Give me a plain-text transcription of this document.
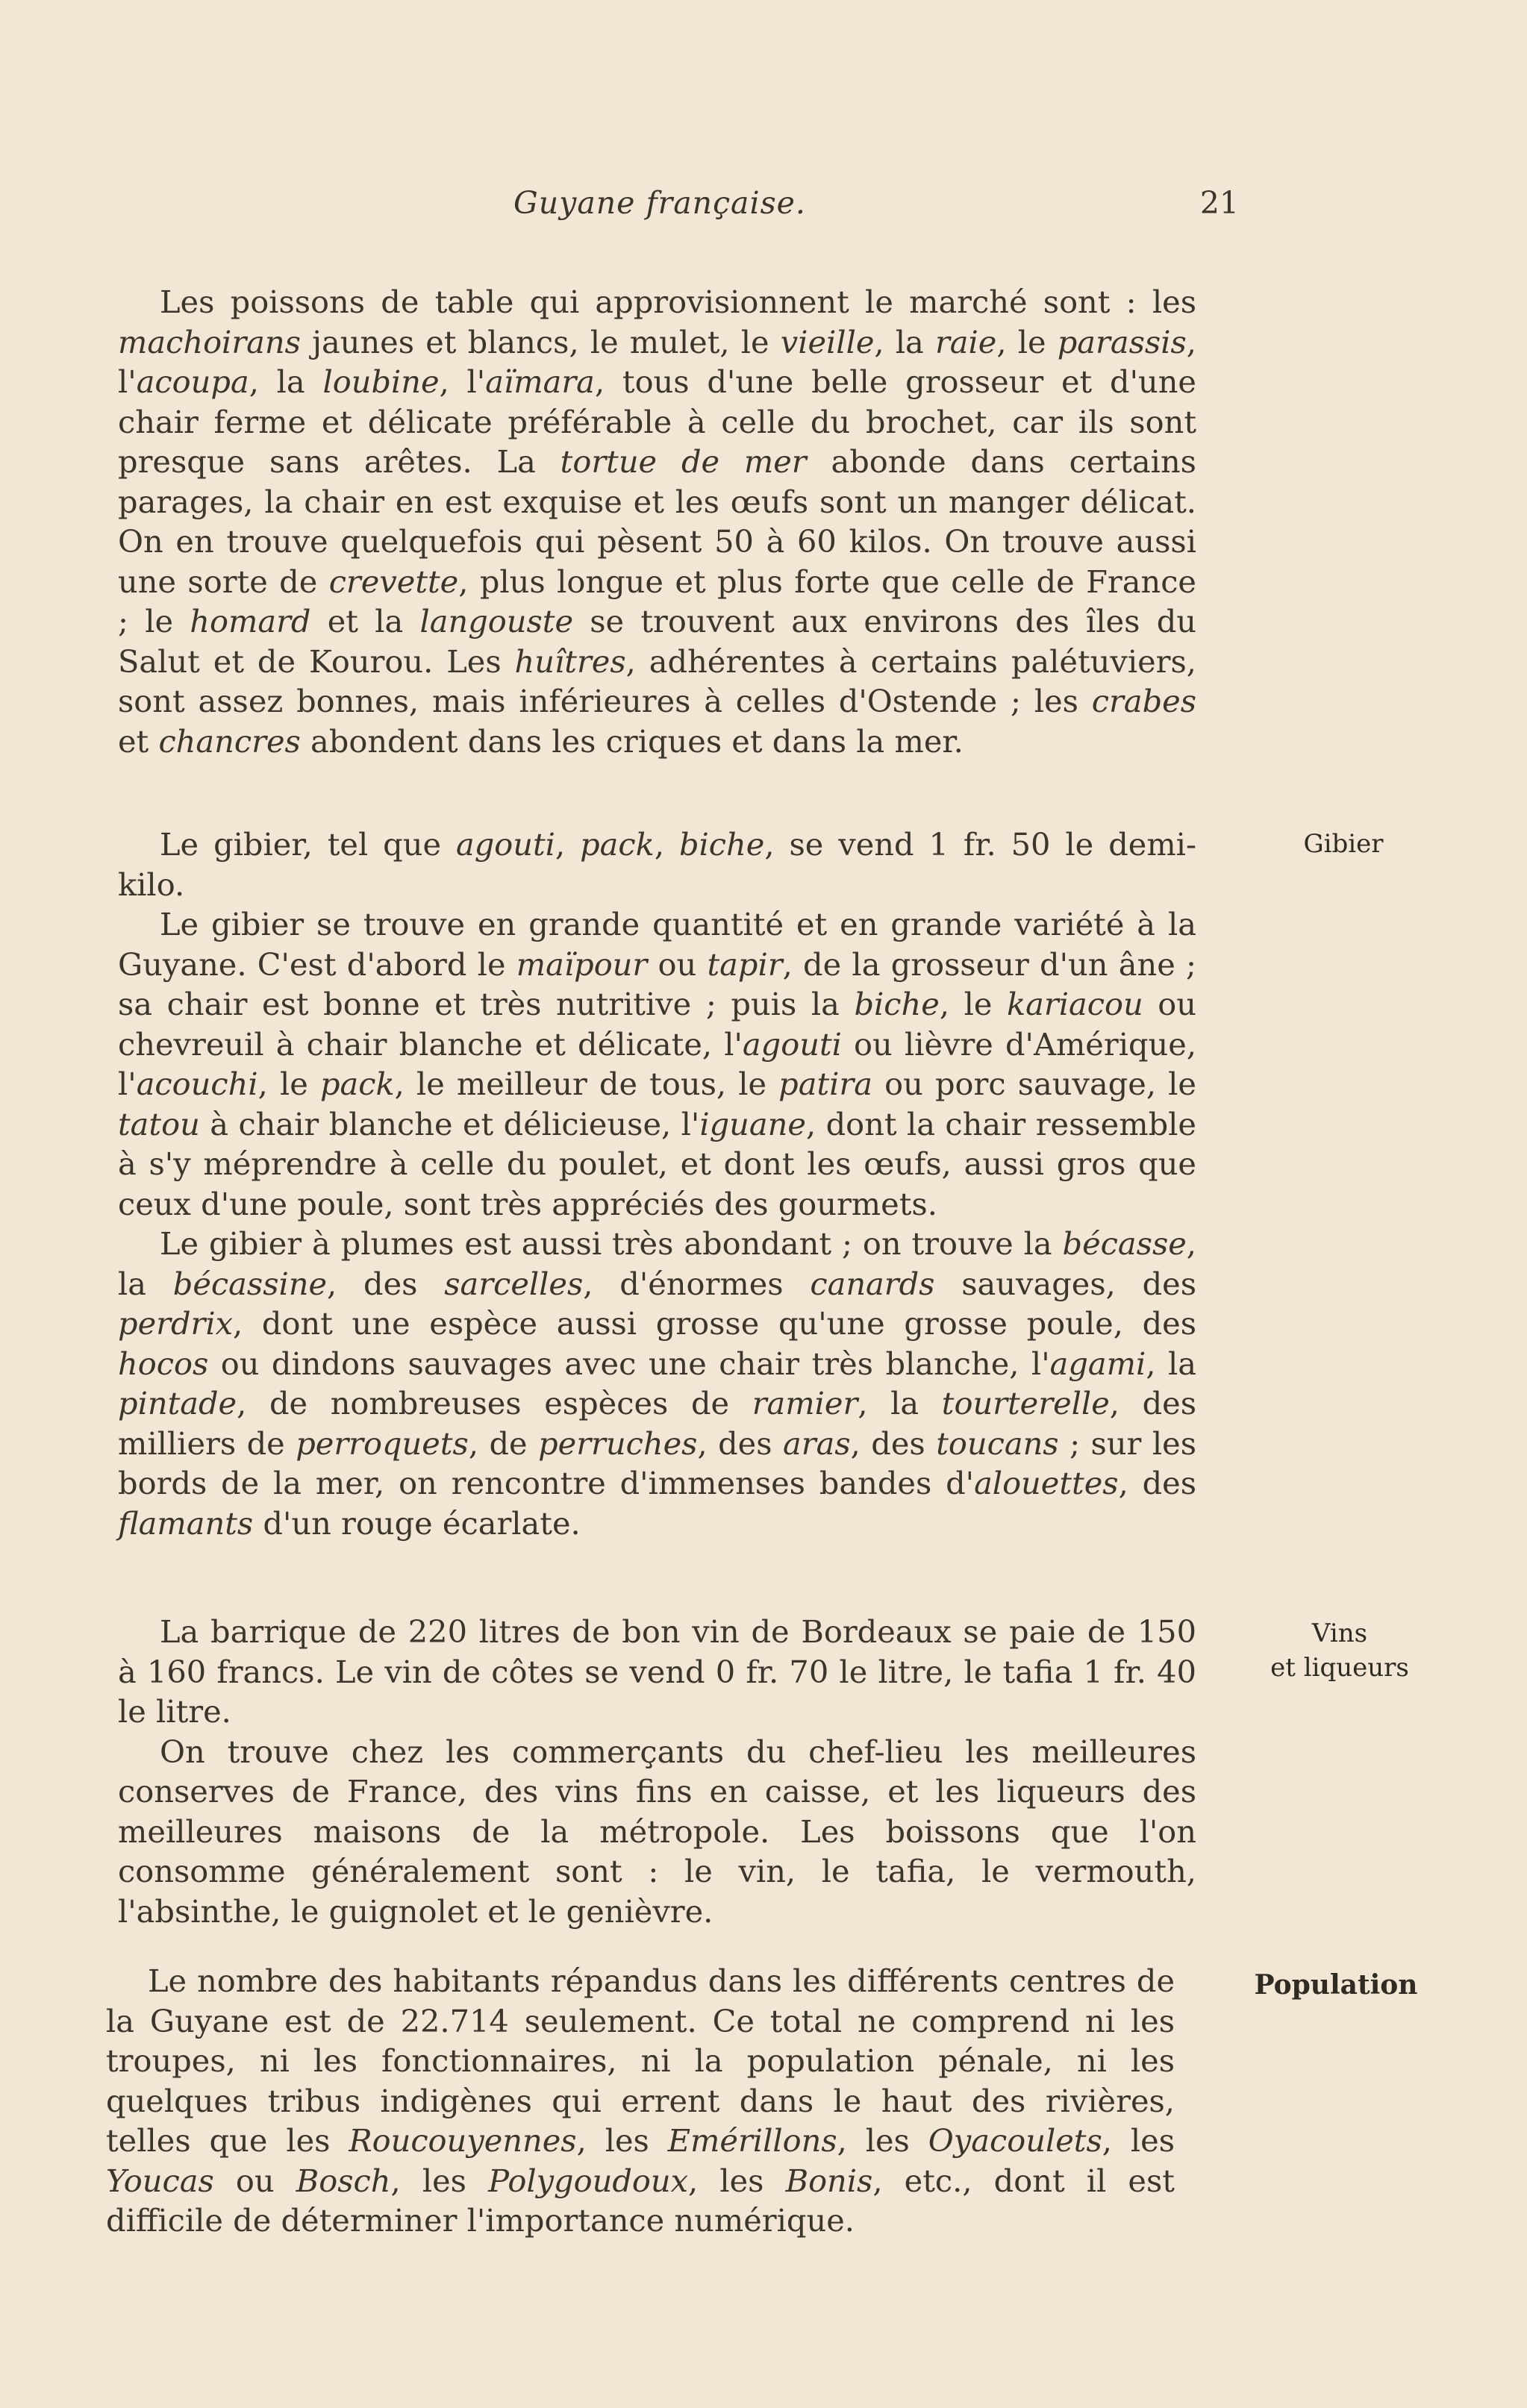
Guyane française.	21

Les poissons de table qui approvisionnent le marché sont : les machoirans jaunes et blancs, le mulet, le vieille, la raie, le parassis, l'acoupa, la loubine, l'aïmara, tous d'une belle grosseur et d'une chair ferme et délicate préférable à celle du brochet, car ils sont presque sans arêtes. La tortue de mer abonde dans certains parages, la chair en est exquise et les œufs sont un manger délicat. On en trouve quelquefois qui pèsent 50 à 60 kilos. On trouve aussi une sorte de crevette, plus longue et plus forte que celle de France ; le homard et la langouste se trouvent aux environs des îles du Salut et de Kourou. Les huîtres, adhérentes à certains palétuviers, sont assez bonnes, mais inférieures à celles d'Ostende ; les crabes et chancres abondent dans les criques et dans la mer.

Le gibier, tel que agouti, pack, biche, se vend 1 fr. 50 le demi-kilo.

Le gibier se trouve en grande quantité et en grande variété à la Guyane. C'est d'abord le maïpour ou tapir, de la grosseur d'un âne ; sa chair est bonne et très nutritive ; puis la biche, le kariacou ou chevreuil à chair blanche et délicate, l'agouti ou lièvre d'Amérique, l'acouchi, le pack, le meilleur de tous, le patira ou porc sauvage, le tatou à chair blanche et délicieuse, l'iguane, dont la chair ressemble à s'y méprendre à celle du poulet, et dont les œufs, aussi gros que ceux d'une poule, sont très appréciés des gourmets.

Le gibier à plumes est aussi très abondant ; on trouve la bécasse, la bécassine, des sarcelles, d'énormes canards sauvages, des perdrix, dont une espèce aussi grosse qu'une grosse poule, des hocos ou dindons sauvages avec une chair très blanche, l'agami, la pintade, de nombreuses espèces de ramier, la tourterelle, des milliers de perroquets, de perruches, des aras, des toucans ; sur les bords de la mer, on rencontre d'immenses bandes d'alouettes, des flamants d'un rouge écarlate.

Gibier

La barrique de 220 litres de bon vin de Bordeaux se paie de 150 à 160 francs. Le vin de côtes se vend 0 fr. 70 le litre, le tafia 1 fr. 40 le litre.

On trouve chez les commerçants du chef-lieu les meilleures conserves de France, des vins fins en caisse, et les liqueurs des meilleures maisons de la métropole. Les boissons que l'on consomme généralement sont : le vin, le tafia, le vermouth, l'absinthe, le guignolet et le genièvre.

Vins
et liqueurs

Le nombre des habitants répandus dans les différents centres de la Guyane est de 22.714 seulement. Ce total ne comprend ni les troupes, ni les fonctionnaires, ni la population pénale, ni les quelques tribus indigènes qui errent dans le haut des rivières, telles que les Roucouyennes, les Emérillons, les Oyacoulets, les Youcas ou Bosch, les Polygoudoux, les Bonis, etc., dont il est difficile de déterminer l'importance numérique.

Population
